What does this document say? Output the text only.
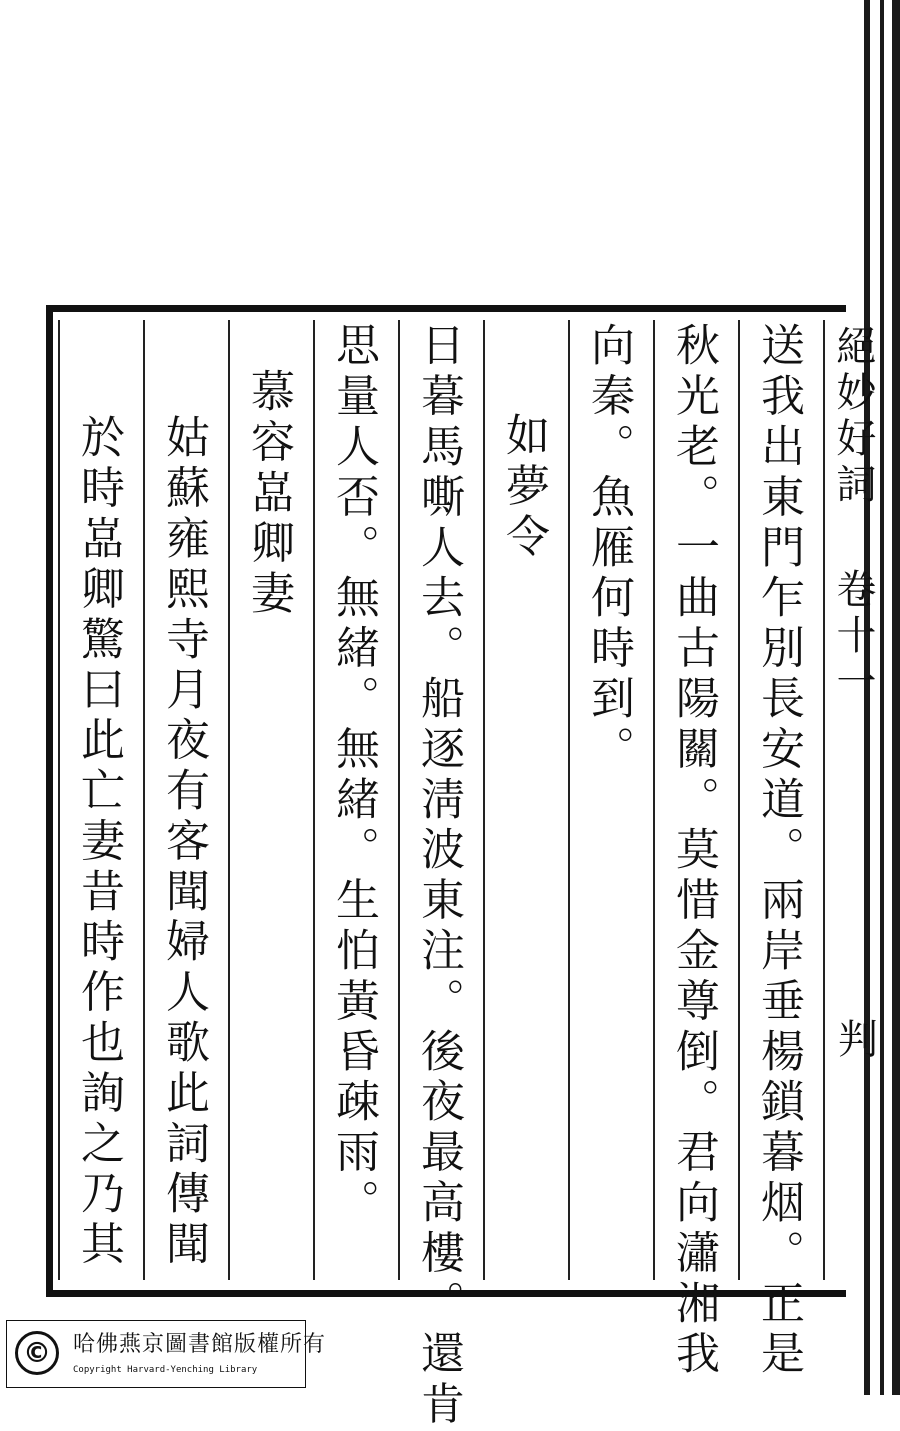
絕妙好詞 卷十一
判
送我出東門乍別長安道。兩岸垂楊鎖暮烟。正是
秋光老。一曲古陽關。莫惜金尊倒。君向瀟湘我
向秦。魚雁何時到。
如夢令
日暮馬嘶人去。船逐淸波東注。後夜最高樓。還肯
思量人否。無緒。無緒。生怕黃昏疎雨。
慕容嵓卿妻
姑蘇雍熙寺月夜有客聞婦人歌此詞傳聞
於時嵓卿驚曰此亡妻昔時作也詢之乃其
©	哈佛燕京圖書館版權所有
Copyright Harvard-Yenching Library
